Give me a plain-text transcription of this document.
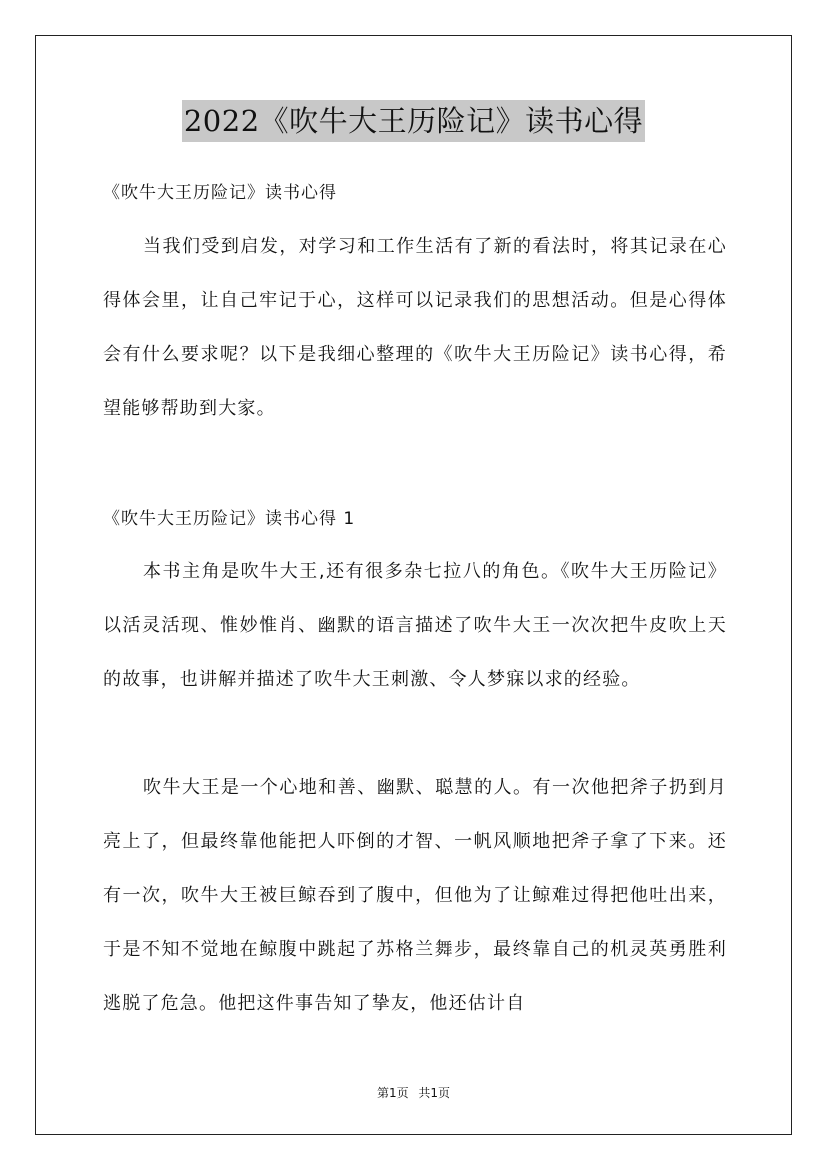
2022《吹牛大王历险记》读书心得
《吹牛大王历险记》读书心得

当我们受到启发，对学习和工作生活有了新的看法时，将其记录在心得体会里，让自己牢记于心，这样可以记录我们的思想活动。但是心得体会有什么要求呢？以下是我细心整理的《吹牛大王历险记》读书心得，希望能够帮助到大家。

《吹牛大王历险记》读书心得 1

本书主角是吹牛大王,还有很多杂七拉八的角色。《吹牛大王历险记》以活灵活现、惟妙惟肖、幽默的语言描述了吹牛大王一次次把牛皮吹上天的故事，也讲解并描述了吹牛大王刺激、令人梦寐以求的经验。

吹牛大王是一个心地和善、幽默、聪慧的人。有一次他把斧子扔到月亮上了，但最终靠他能把人吓倒的才智、一帆风顺地把斧子拿了下来。还有一次，吹牛大王被巨鲸吞到了腹中，但他为了让鲸难过得把他吐出来，于是不知不觉地在鲸腹中跳起了苏格兰舞步，最终靠自己的机灵英勇胜利逃脱了危急。他把这件事告知了挚友，他还估计自

第1页 共1页
